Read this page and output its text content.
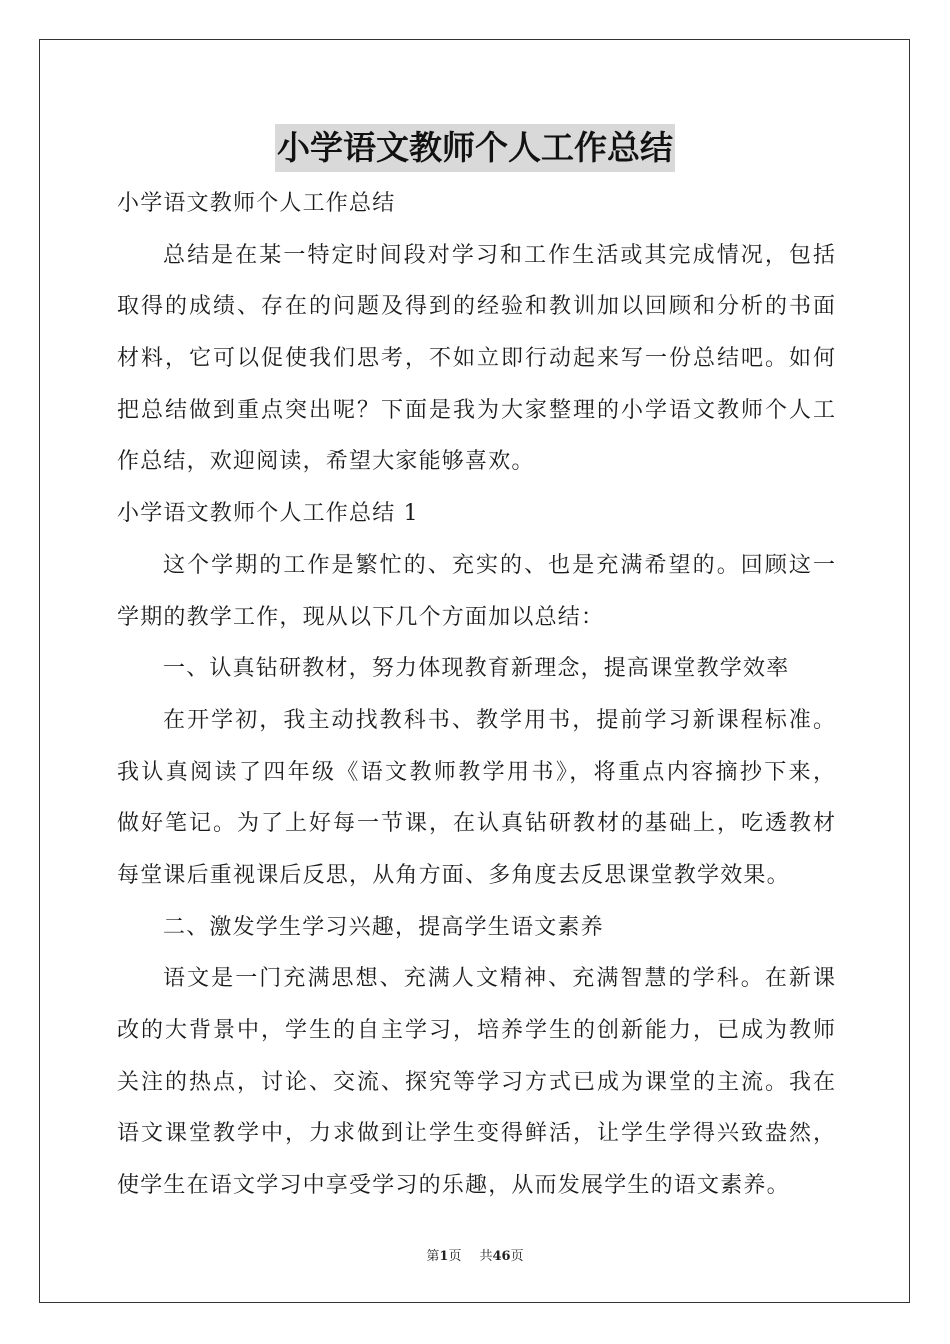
小学语文教师个人工作总结
小学语文教师个人工作总结
总结是在某一特定时间段对学习和工作生活或其完成情况，包括
取得的成绩、存在的问题及得到的经验和教训加以回顾和分析的书面
材料，它可以促使我们思考，不如立即行动起来写一份总结吧。如何
把总结做到重点突出呢？下面是我为大家整理的小学语文教师个人工
作总结，欢迎阅读，希望大家能够喜欢。
小学语文教师个人工作总结 1
这个学期的工作是繁忙的、充实的、也是充满希望的。回顾这一
学期的教学工作，现从以下几个方面加以总结：
一、认真钻研教材，努力体现教育新理念，提高课堂教学效率
在开学初，我主动找教科书、教学用书，提前学习新课程标准。
我认真阅读了四年级《语文教师教学用书》，将重点内容摘抄下来，
做好笔记。为了上好每一节课，在认真钻研教材的基础上，吃透教材
每堂课后重视课后反思，从角方面、多角度去反思课堂教学效果。
二、激发学生学习兴趣，提高学生语文素养
语文是一门充满思想、充满人文精神、充满智慧的学科。在新课
改的大背景中，学生的自主学习，培养学生的创新能力，已成为教师
关注的热点，讨论、交流、探究等学习方式已成为课堂的主流。我在
语文课堂教学中，力求做到让学生变得鲜活，让学生学得兴致盎然，
使学生在语文学习中享受学习的乐趣，从而发展学生的语文素养。
第1页 共46页
